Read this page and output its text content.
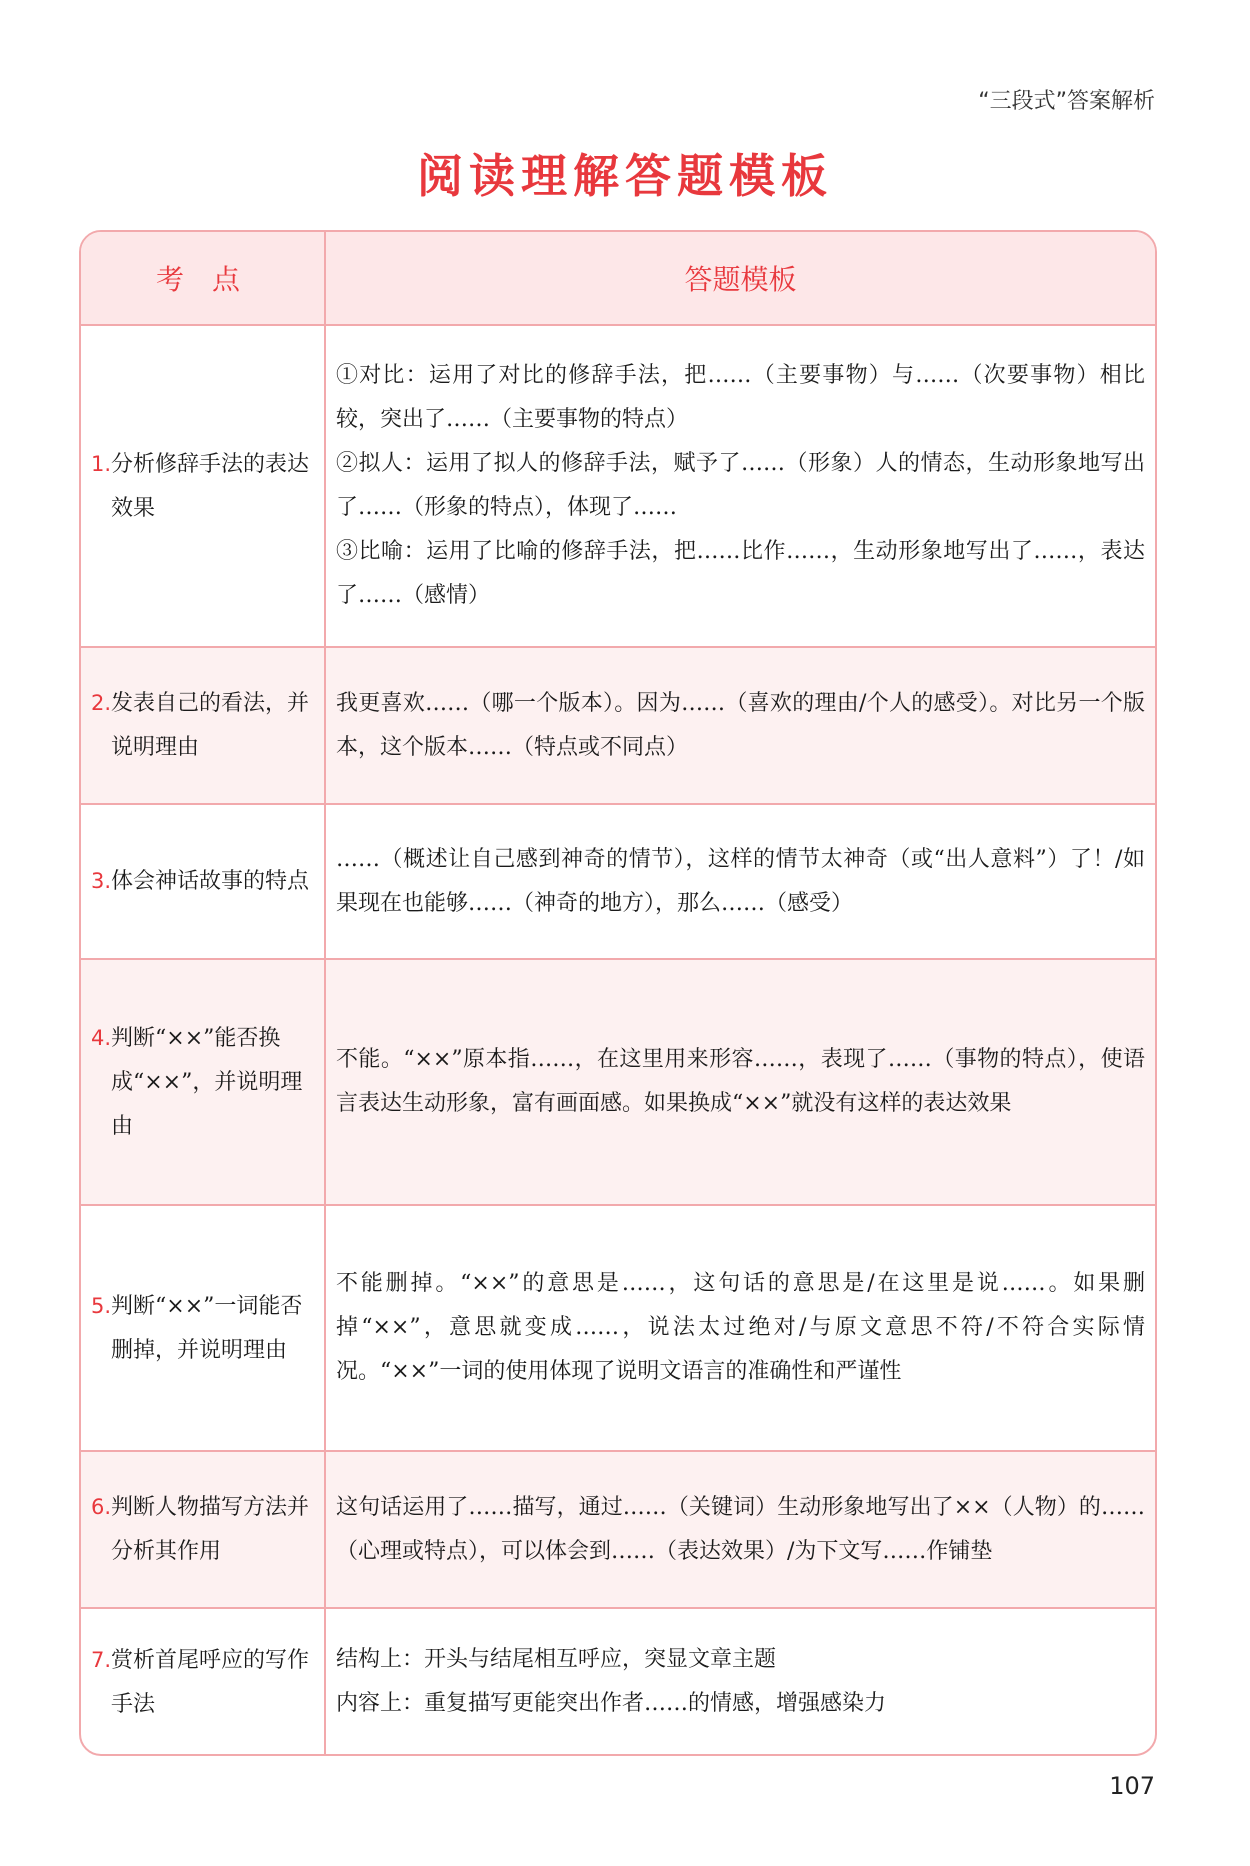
“三段式”答案解析
阅读理解答题模板
考点	答题模板
1.分析修辞手法的表达效果	①对比：运用了对比的修辞手法，把……（主要事物）与……（次要事物）相比较，突出了……（主要事物的特点）
②拟人：运用了拟人的修辞手法，赋予了……（形象）人的情态，生动形象地写出了……（形象的特点），体现了……
③比喻：运用了比喻的修辞手法，把……比作……，生动形象地写出了……，表达了……（感情）

2.发表自己的看法，并说明理由	我更喜欢……（哪一个版本）。因为……（喜欢的理由/个人的感受）。对比另一个版本，这个版本……（特点或不同点）

3.体会神话故事的特点	……（概述让自己感到神奇的情节），这样的情节太神奇（或“出人意料”）了！/如果现在也能够……（神奇的地方），那么……（感受）

4.判断“××”能否换成“××”，并说明理由	不能。“××”原本指……，在这里用来形容……，表现了……（事物的特点），使语言表达生动形象，富有画面感。如果换成“××”就没有这样的表达效果

5.判断“××”一词能否删掉，并说明理由	不能删掉。“××”的意思是……，这句话的意思是/在这里是说……。如果删掉“××”，意思就变成……，说法太过绝对/与原文意思不符/不符合实际情况。“××”一词的使用体现了说明文语言的准确性和严谨性

6.判断人物描写方法并分析其作用	这句话运用了……描写，通过……（关键词）生动形象地写出了××（人物）的……（心理或特点），可以体会到……（表达效果）/为下文写……作铺垫

7.赏析首尾呼应的写作手法	结构上：开头与结尾相互呼应，突显文章主题
内容上：重复描写更能突出作者……的情感，增强感染力
107
